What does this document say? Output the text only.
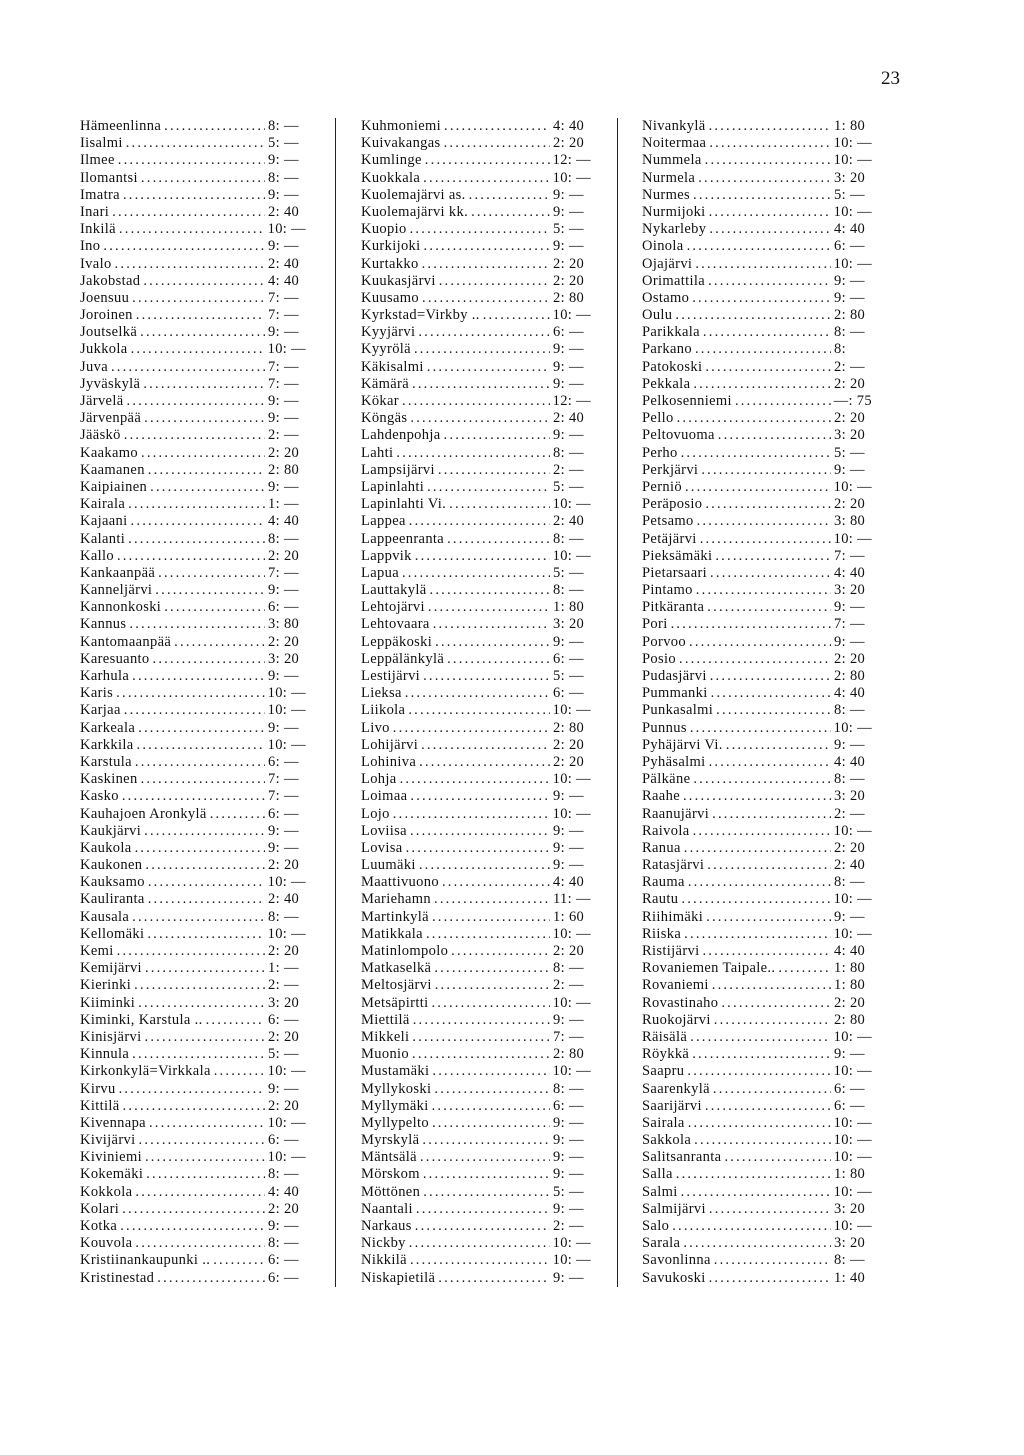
23
Hämeenlinna .....	8: —
Iisalmi .....	5: —
Ilmee .....	9: —
Ilomantsi .....	8: —
Imatra .....	9: —
Inari .....	2: 40
Inkilä .....	10: —
Ino .....	9: —
Ivalo .....	2: 40
Jakobstad .....	4: 40
Joensuu .....	7: —
Joroinen .....	7: —
Joutselkä .....	9: —
Jukkola .....	10: —
Juva .....	7: —
Jyväskylä .....	7: —
Järvelä .....	9: —
Järvenpää .....	9: —
Jääskö .....	2: —
Kaakamo .....	2: 20
Kaamanen .....	2: 80
Kaipiainen .....	9: —
Kairala .....	1: —
Kajaani .....	4: 40
Kalanti .....	8: —
Kallo .....	2: 20
Kankaanpää .....	7: —
Kanneljärvi .....	9: —
Kannonkoski .....	6: —
Kannus .....	3: 80
Kantomaanpää .....	2: 20
Karesuanto .....	3: 20
Karhula .....	9: —
Karis .....	10: —
Karjaa .....	10: —
Karkeala .....	9: —
Karkkila .....	10: —
Karstula .....	6: —
Kaskinen .....	7: —
Kasko .....	7: —
Kauhajoen Aronkylä .....	6: —
Kaukjärvi .....	9: —
Kaukola .....	9: —
Kaukonen .....	2: 20
Kauksamo .....	10: —
Kauliranta .....	2: 40
Kausala .....	8: —
Kellomäki .....	10: —
Kemi .....	2: 20
Kemijärvi .....	1: —
Kierinki .....	2: —
Kiiminki .....	3: 20
Kiminki, Karstula .. .....	6: —
Kinisjärvi .....	2: 20
Kinnula .....	5: —
Kirkonkylä=Virkkala .....	10: —
Kirvu .....	9: —
Kittilä .....	2: 20
Kivennapa .....	10: —
Kivijärvi .....	6: —
Kiviniemi .....	10: —
Kokemäki .....	8: —
Kokkola .....	4: 40
Kolari .....	2: 20
Kotka .....	9: —
Kouvola .....	8: —
Kristiinankaupunki .. .....	6: —
Kristinestad .....	6: —
Kuhmoniemi .....	4: 40
Kuivakangas .....	2: 20
Kumlinge .....	12: —
Kuokkala .....	10: —
Kuolemajärvi as. .....	9: —
Kuolemajärvi kk. .....	9: —
Kuopio .....	5: —
Kurkijoki .....	9: —
Kurtakko .....	2: 20
Kuukasjärvi .....	2: 20
Kuusamo .....	2: 80
Kyrkstad=Virkby .. .....	10: —
Kyyjärvi .....	6: —
Kyyrölä .....	9: —
Käkisalmi .....	9: —
Kämärä .....	9: —
Kökar .....	12: —
Köngäs .....	2: 40
Lahdenpohja .....	9: —
Lahti .....	8: —
Lampsijärvi .....	2: —
Lapinlahti .....	5: —
Lapinlahti Vi. .....	10: —
Lappea .....	2: 40
Lappeenranta .....	8: —
Lappvik .....	10: —
Lapua .....	5: —
Lauttakylä .....	8: —
Lehtojärvi .....	1: 80
Lehtovaara .....	3: 20
Leppäkoski .....	9: —
Leppälänkylä .....	6: —
Lestijärvi .....	5: —
Lieksa .....	6: —
Liikola .....	10: —
Livo .....	2: 80
Lohijärvi .....	2: 20
Lohiniva .....	2: 20
Lohja .....	10: —
Loimaa .....	9: —
Lojo .....	10: —
Loviisa .....	9: —
Lovisa .....	9: —
Luumäki .....	9: —
Maattivuono .....	4: 40
Mariehamn .....	11: —
Martinkylä .....	1: 60
Matikkala .....	10: —
Matinlompolo .....	2: 20
Matkaselkä .....	8: —
Meltosjärvi .....	2: —
Metsäpirtti .....	10: —
Miettilä .....	9: —
Mikkeli .....	7: —
Muonio .....	2: 80
Mustamäki .....	10: —
Myllykoski .....	8: —
Myllymäki .....	6: —
Myllypelto .....	9: —
Myrskylä .....	9: —
Mäntsälä .....	9: —
Mörskom .....	9: —
Möttönen .....	5: —
Naantali .....	9: —
Narkaus .....	2: —
Nickby .....	10: —
Nikkilä .....	10: —
Niskapietilä .....	9: —
Nivankylä .....	1: 80
Noitermaa .....	10: —
Nummela .....	10: —
Nurmela .....	3: 20
Nurmes .....	5: —
Nurmijoki .....	10: —
Nykarleby .....	4: 40
Oinola .....	6: —
Ojajärvi .....	10: —
Orimattila .....	9: —
Ostamo .....	9: —
Oulu .....	2: 80
Parikkala .....	8: —
Parkano .....	8:
Patokoski .....	2: —
Pekkala .....	2: 20
Pelkosenniemi .....	—: 75
Pello .....	2: 20
Peltovuoma .....	3: 20
Perho .....	5: —
Perkjärvi .....	9: —
Perniö .....	10: —
Peräposio .....	2: 20
Petsamo .....	3: 80
Petäjärvi .....	10: —
Pieksämäki .....	7: —
Pietarsaari .....	4: 40
Pintamo .....	3: 20
Pitkäranta .....	9: —
Pori .....	7: —
Porvoo .....	9: —
Posio .....	2: 20
Pudasjärvi .....	2: 80
Pummanki .....	4: 40
Punkasalmi .....	8: —
Punnus .....	10: —
Pyhäjärvi Vi. .....	9: —
Pyhäsalmi .....	4: 40
Pälkäne .....	8: —
Raahe .....	3: 20
Raanujärvi .....	2: —
Raivola .....	10: —
Ranua .....	2: 20
Ratasjärvi .....	2: 40
Rauma .....	8: —
Rautu .....	10: —
Riihimäki .....	9: —
Riiska .....	10: —
Ristijärvi .....	4: 40
Rovaniemen Taipale.. .....	1: 80
Rovaniemi .....	1: 80
Rovastinaho .....	2: 20
Ruokojärvi .....	2: 80
Räisälä .....	10: —
Röykkä .....	9: —
Saapru .....	10: —
Saarenkylä .....	6: —
Saarijärvi .....	6: —
Sairala .....	10: —
Sakkola .....	10: —
Salitsanranta .....	10: —
Salla .....	1: 80
Salmi .....	10: —
Salmijärvi .....	3: 20
Salo .....	10: —
Sarala .....	3: 20
Savonlinna .....	8: —
Savukoski .....	1: 40
